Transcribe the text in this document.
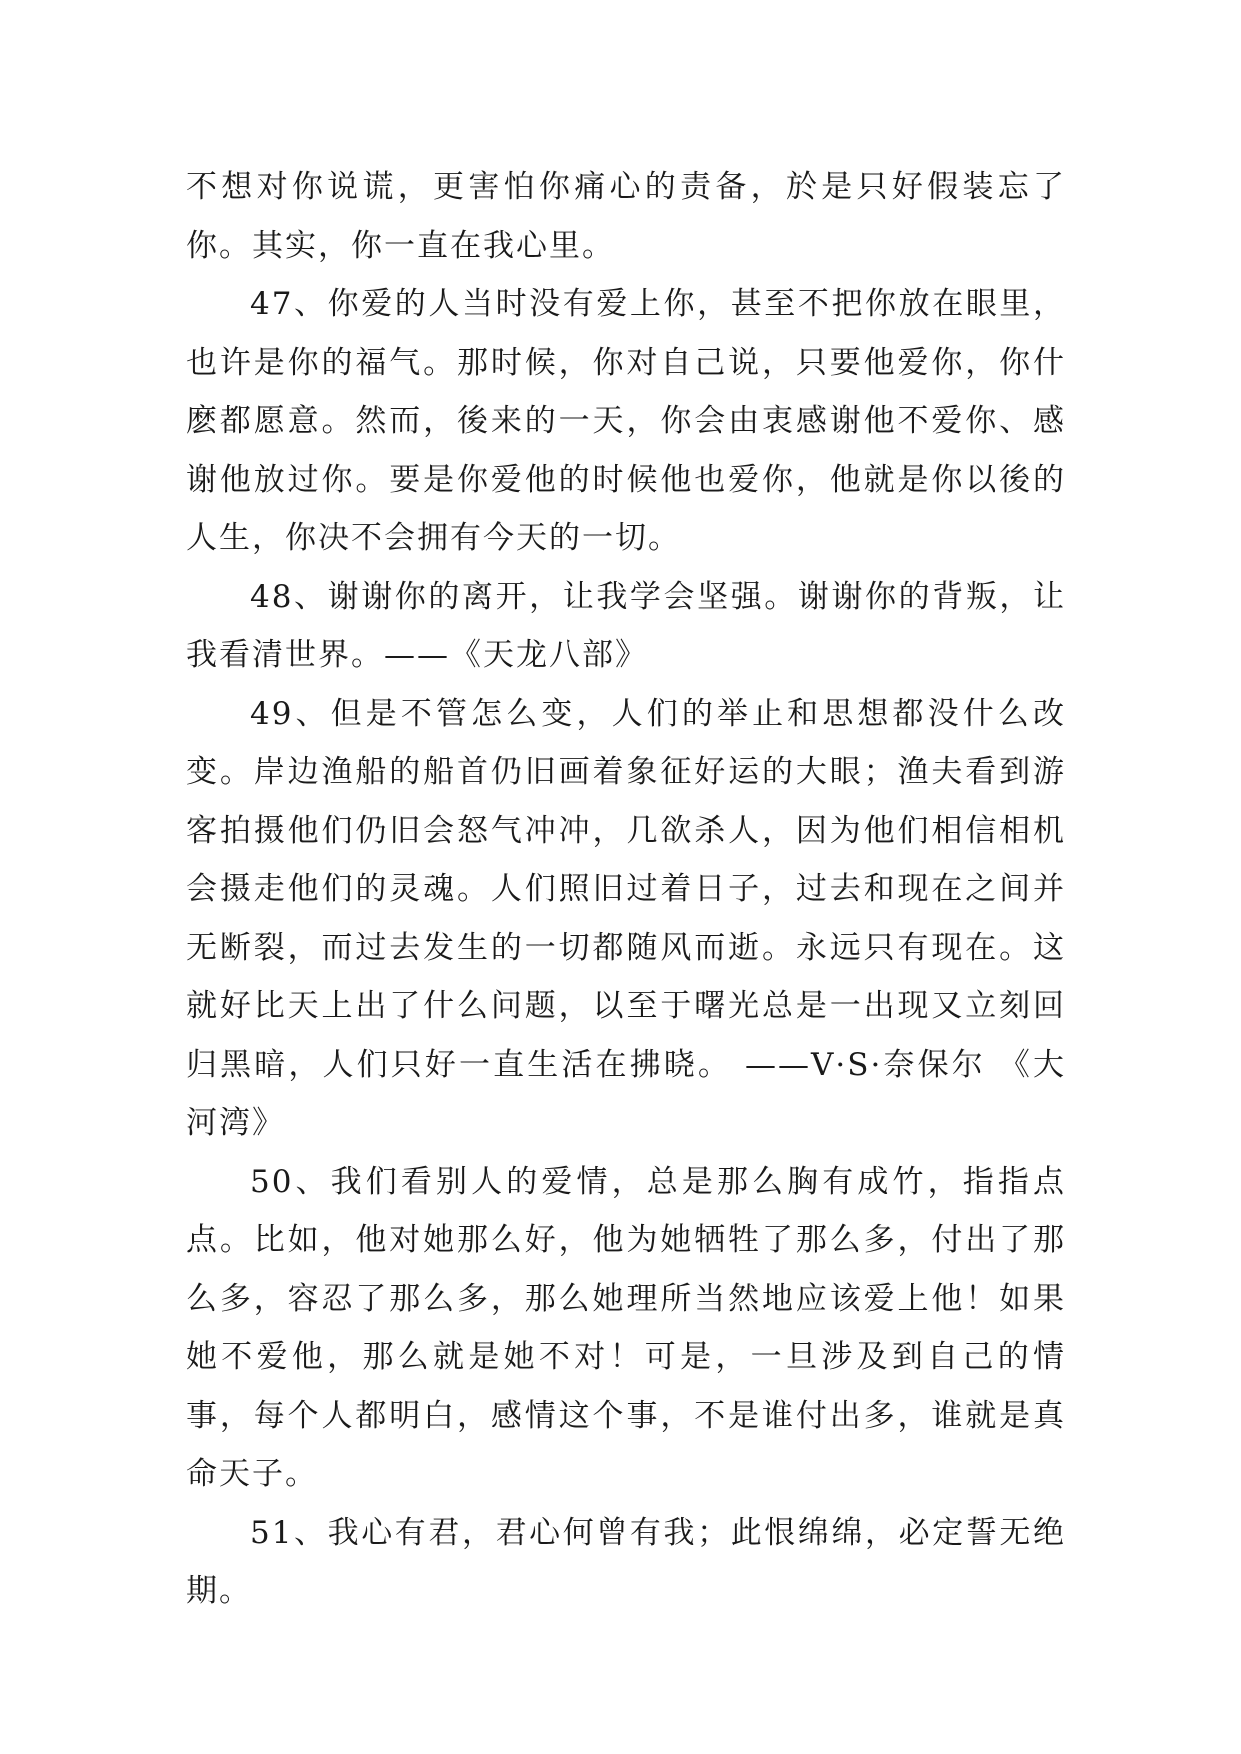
不想对你说谎，更害怕你痛心的责备，於是只好假装忘了你。其实，你一直在我心里。

47、你爱的人当时没有爱上你，甚至不把你放在眼里，也许是你的福气。那时候，你对自己说，只要他爱你，你什麽都愿意。然而，後来的一天，你会由衷感谢他不爱你、感谢他放过你。要是你爱他的时候他也爱你，他就是你以後的人生，你决不会拥有今天的一切。

48、谢谢你的离开，让我学会坚强。谢谢你的背叛，让我看清世界。——《天龙八部》

49、但是不管怎么变，人们的举止和思想都没什么改变。岸边渔船的船首仍旧画着象征好运的大眼；渔夫看到游客拍摄他们仍旧会怒气冲冲，几欲杀人，因为他们相信相机会摄走他们的灵魂。人们照旧过着日子，过去和现在之间并无断裂，而过去发生的一切都随风而逝。永远只有现在。这就好比天上出了什么问题，以至于曙光总是一出现又立刻回归黑暗，人们只好一直生活在拂晓。 ——V·S·奈保尔 《大河湾》

50、我们看别人的爱情，总是那么胸有成竹，指指点点。比如，他对她那么好，他为她牺牲了那么多，付出了那么多，容忍了那么多，那么她理所当然地应该爱上他！如果她不爱他，那么就是她不对！可是，一旦涉及到自己的情事，每个人都明白，感情这个事，不是谁付出多，谁就是真命天子。

51、我心有君，君心何曾有我；此恨绵绵，必定誓无绝期。
